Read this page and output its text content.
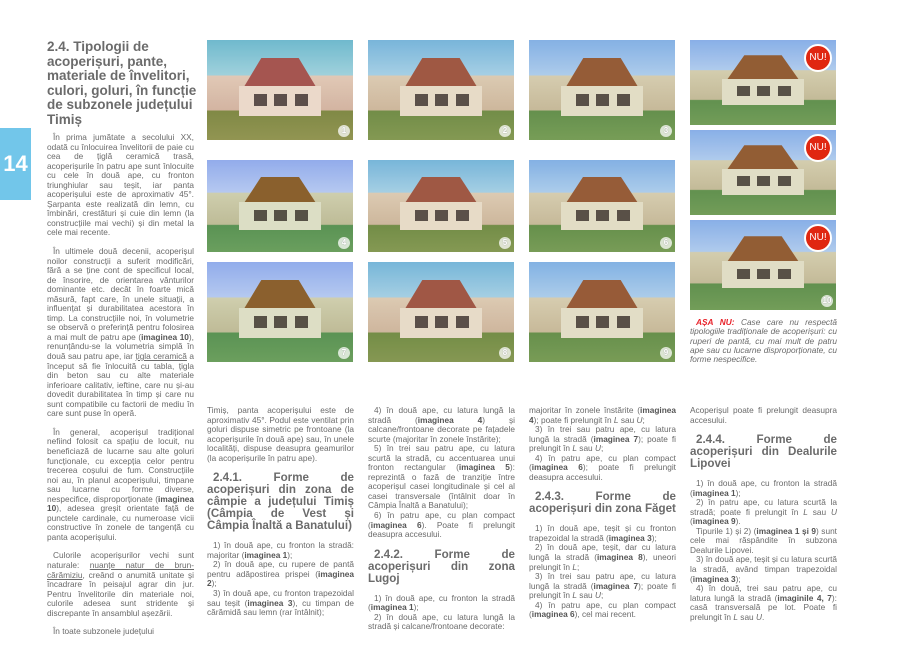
14
2.4. Tipologii de acoperișuri, pante, materiale de învelitori, culori, goluri, în funcție de subzonele județului Timiș
1	2	3
4	5	6
7	8	9
NU!
NU!
10
NU!
AȘA NU: Case care nu respectă tipologiile tradiționale de acoperișuri: cu ruperi de pantă, cu mai mult de patru ape sau cu lucarne disproporționate, cu forme nespecifice.

În prima jumătate a secolului XX, odată cu înlocuirea învelitorii de paie cu cea de țiglă ceramică trasă, acoperișurile în patru ape sunt înlocuite cu cele în două ape, cu fronton triunghiular sau teșit, iar panta acoperișului este de aproximativ 45°. Șarpanta este realizată din lemn, cu îmbinări, crestături și cuie din lemn (la construcțiile mai vechi) și din metal la cele mai recente.

În ultimele două decenii, acoperișul noilor construcții a suferit modificări, fără a se ține cont de specificul local, de însorire, de orientarea vânturilor dominante etc. decât în foarte mică măsură, fapt care, în unele situații, a influențat și durabilitatea acestora în timp. La construcțiile noi, în volumetrie se observă o preferință pentru folosirea a mai mult de patru ape (imaginea 10), renunțându-se la volumetria simplă în două sau patru ape, iar țigla ceramică a început să fie înlocuită cu tabla, țigla din beton sau cu alte materiale inferioare calitativ, ieftine, care nu și-au dovedit durabilitatea în timp și care nu sunt compatibile cu factorii de mediu în care sunt puse în operă.

În general, acoperișul tradițional nefiind folosit ca spațiu de locuit, nu beneficiază de lucarne sau alte goluri funcționale, cu excepția celor pentru trecerea coșului de fum. Construcțiile noi au, în planul acoperișului, timpane sau lucarne cu forme diverse, nespecifice, disproporționate (imaginea 10), adesea greșit orientate față de punctele cardinale, cu numeroase vicii constructive în zonele de tangență cu panta acoperișului.

Culorile acoperișurilor vechi sunt naturale: nuanțe natur de brun-cărămiziu, creând o anumită unitate și încadrare în peisajul agrar din jur. Pentru învelitorile din materiale noi, culorile adesea sunt stridente și discrepante în ansamblul așezării.

În toate subzonele județului

Timiș, panta acoperișului este de aproximativ 45°. Podul este ventilat prin goluri dispuse simetric pe frontoane (la acoperișurile în două ape) sau, în unele localități, dispuse deasupra geamurilor (la acoperișurile în patru ape).

2.4.1. Forme de acoperișuri din zona de câmpie a județului Timiș (Câmpia de Vest și Câmpia Înaltă a Banatului)

1) în două ape, cu fronton la stradă: majoritar (imaginea 1);

2) în două ape, cu rupere de pantă pentru adăpostirea prispei (imaginea 2);

3) în două ape, cu fronton trapezoidal sau teșit (imaginea 3), cu timpan de cărămidă sau lemn (rar întâlnit);

4) în două ape, cu latura lungă la stradă (imaginea 4) și calcane/frontoane decorate pe fațadele scurte (majoritar în zonele înstărite);

5) în trei sau patru ape, cu latura scurtă la stradă, cu accentuarea unui fronton rectangular (imaginea 5): reprezintă o fază de tranziție între acoperișul casei longitudinale și cel al casei transversale (întâlnit doar în Câmpia Înaltă a Banatului);

6) în patru ape, cu plan compact (imaginea 6). Poate fi prelungit deasupra accesului.

2.4.2. Forme de acoperișuri din zona Lugoj

1) în două ape, cu fronton la stradă (imaginea 1);

2) în două ape, cu latura lungă la stradă și calcane/frontoane decorate:

majoritar în zonele înstărite (imaginea 4); poate fi prelungit în L sau U;

3) în trei sau patru ape, cu latura lungă la stradă (imaginea 7); poate fi prelungit în L sau U;

4) în patru ape, cu plan compact (imaginea 6); poate fi prelungit deasupra accesului.

2.4.3. Forme de acoperișuri din zona Făget

1) în două ape, teșit și cu fronton trapezoidal la stradă (imaginea 3);

2) în două ape, teșit, dar cu latura lungă la stradă (imaginea 8), uneori prelungit în L;

3) în trei sau patru ape, cu latura lungă la stradă (imaginea 7); poate fi prelungit în L sau U;

4) în patru ape, cu plan compact (imaginea 6), cel mai recent.

Acoperișul poate fi prelungit deasupra accesului.

2.4.4. Forme de acoperișuri din Dealurile Lipovei

1) în două ape, cu fronton la stradă (imaginea 1);

2) în patru ape, cu latura scurtă la stradă; poate fi prelungit în L sau U (imaginea 9).

Tipurile 1) și 2) (imaginea 1 și 9) sunt cele mai răspândite în subzona Dealurile Lipovei.

3) în două ape, teșit și cu latura scurtă la stradă, având timpan trapezoidal (imaginea 3);

4) în două, trei sau patru ape, cu latura lungă la stradă (imaginile 4, 7): casă transversală pe lot. Poate fi prelungit în L sau U.
